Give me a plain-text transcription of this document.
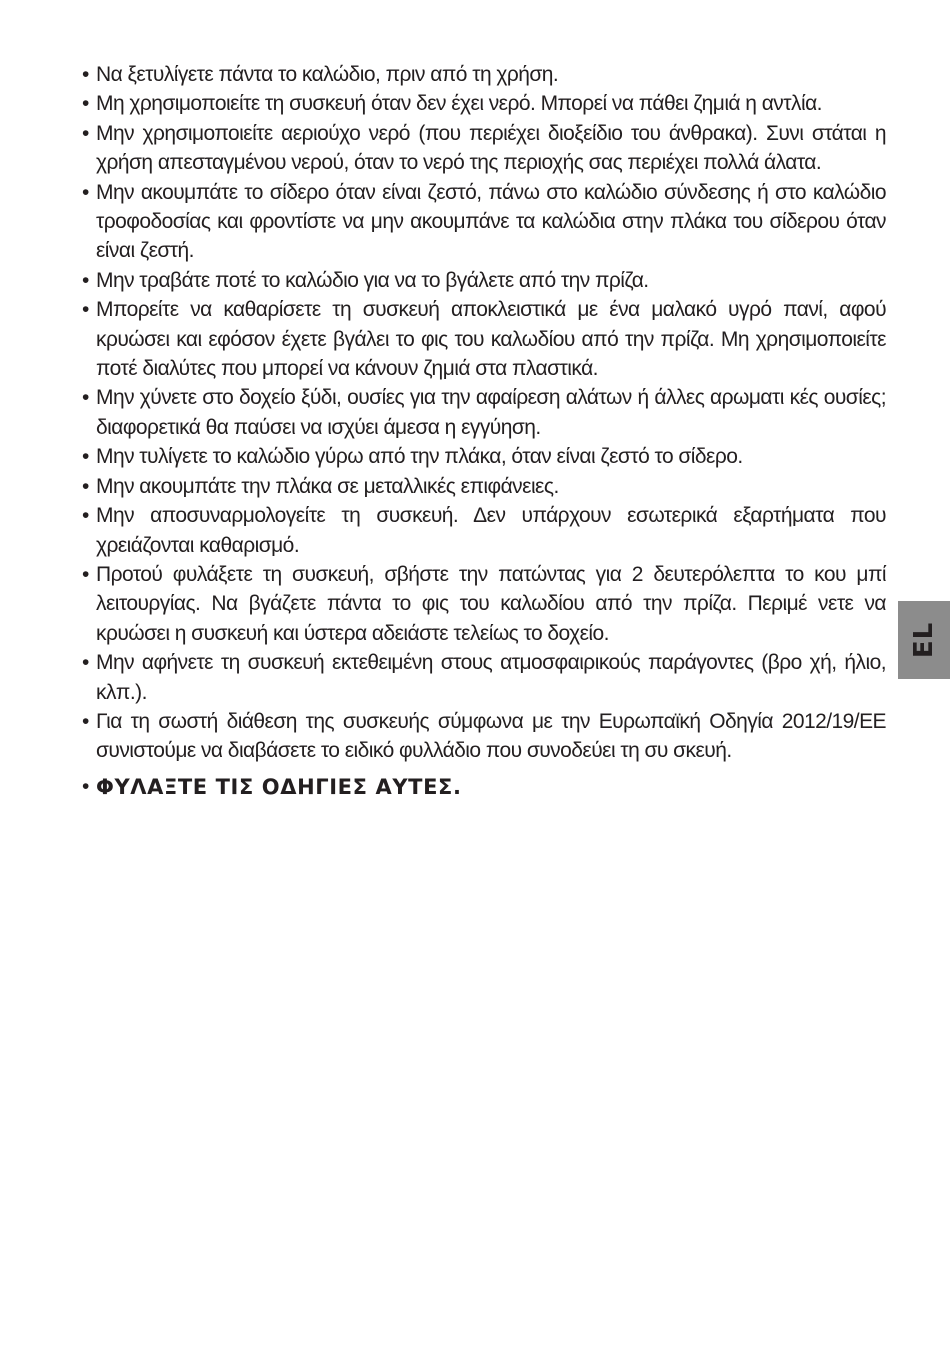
• Να ξετυλίγετε πάντα το καλώδιο, πριν από τη χρήση.
• Μη χρησιμοποιείτε τη συσκευή όταν δεν έχει νερό. Μπορεί να πάθει ζημιά η αντλία.
• Μην χρησιμοποιείτε αεριούχο νερό (που περιέχει διοξείδιο του άνθρακα). Συνι στάται η χρήση απεσταγμένου νερού, όταν το νερό της περιοχής σας περιέχει πολλά άλατα.
• Μην ακουμπάτε το σίδερο όταν είναι ζεστό, πάνω στο καλώδιο σύνδεσης ή στο καλώδιο τροφοδοσίας και φροντίστε να μην ακουμπάνε τα καλώδια στην πλάκα του σίδερου όταν είναι ζεστή.
• Μην τραβάτε ποτέ το καλώδιο για να το βγάλετε από την πρίζα.
• Μπορείτε να καθαρίσετε τη συσκευή αποκλειστικά με ένα μαλακό υγρό πανί, αφού κρυώσει και εφόσον έχετε βγάλει το φις του καλωδίου από την πρίζα. Μη χρησιμοποιείτε ποτέ διαλύτες που μπορεί να κάνουν ζημιά στα πλαστικά.
• Μην χύνετε στο δοχείο ξύδι, ουσίες για την αφαίρεση αλάτων ή άλλες αρωματι κές ουσίες; διαφορετικά θα παύσει να ισχύει άμεσα η εγγύηση.
• Μην τυλίγετε το καλώδιο γύρω από την πλάκα, όταν είναι ζεστό το σίδερο.
• Μην ακουμπάτε την πλάκα σε μεταλλικές επιφάνειες.
• Μην αποσυναρμολογείτε τη συσκευή. Δεν υπάρχουν εσωτερικά εξαρτήματα που χρειάζονται καθαρισμό.
• Προτού φυλάξετε τη συσκευή, σβήστε την πατώντας για 2 δευτερόλεπτα το κου μπί λειτουργίας. Να βγάζετε πάντα το φις του καλωδίου από την πρίζα. Περιμέ νετε να κρυώσει η συσκευή και ύστερα αδειάστε τελείως το δοχείο.
• Μην αφήνετε τη συσκευή εκτεθειμένη στους ατμοσφαιρικούς παράγοντες (βρο χή, ήλιο, κλπ.).
• Για τη σωστή διάθεση της συσκευής σύμφωνα με την Ευρωπαϊκή Οδηγία 2012/19/ΕΕ συνιστούμε να διαβάσετε το ειδικό φυλλάδιο που συνοδεύει τη συ σκευή.
• ΦΥΛΑΞΤΕ ΤΙΣ ΟΔΗΓΙΕΣ ΑΥΤΕΣ.
EL
